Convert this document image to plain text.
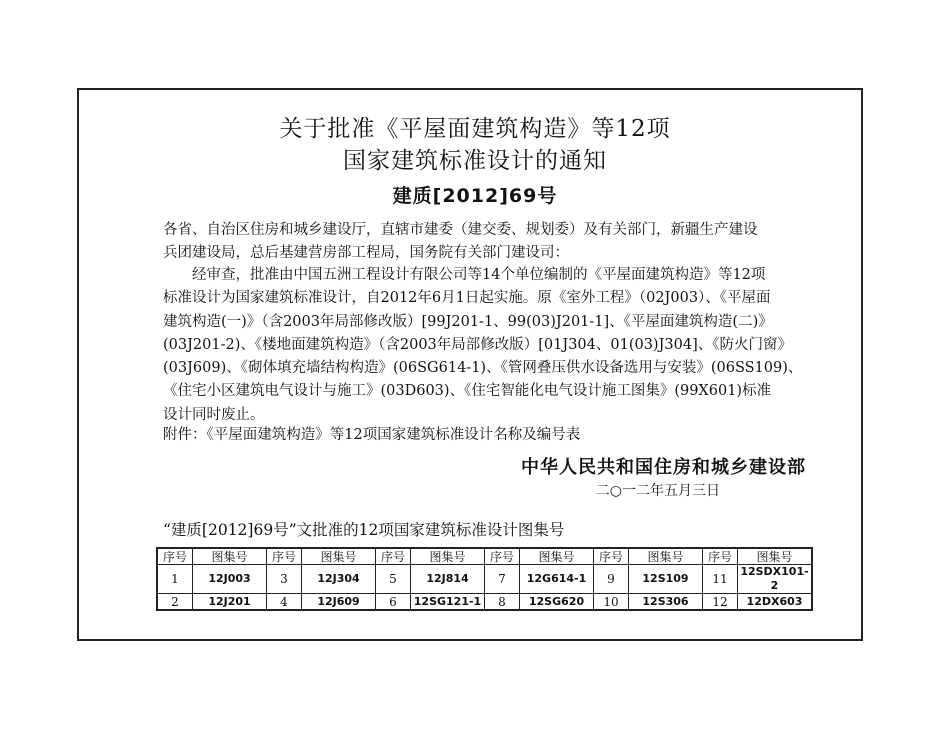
关于批准《平屋面建筑构造》等12项
国家建筑标准设计的通知
建质[2012]69号
各省、自治区住房和城乡建设厅，直辖市建委（建交委、规划委）及有关部门，新疆生产建设
兵团建设局，总后基建营房部工程局，国务院有关部门建设司：
　　经审查，批准由中国五洲工程设计有限公司等14个单位编制的《平屋面建筑构造》等12项
标准设计为国家建筑标准设计，自2012年6月1日起实施。原《室外工程》（02J003）、《平屋面
建筑构造(一)》（含2003年局部修改版）[99J201-1、99(03)J201-1]、《平屋面建筑构造(二)》
(03J201-2)、《楼地面建筑构造》（含2003年局部修改版）[01J304、01(03)J304]、《防火门窗》
(03J609)、《砌体填充墙结构构造》(06SG614-1)、《管网叠压供水设备选用与安装》(06SS109)、
《住宅小区建筑电气设计与施工》(03D603)、《住宅智能化电气设计施工图集》(99X601)标准
设计同时废止。
附件：《平屋面建筑构造》等12项国家建筑标准设计名称及编号表
中华人民共和国住房和城乡建设部
二○一二年五月三日
“建质[2012]69号”文批准的12项国家建筑标准设计图集号
序号	图集号	序号	图集号	序号	图集号	序号	图集号	序号	图集号	序号	图集号
1	12J003	3	12J304	5	12J814	7	12G614-1	9	12S109	11	12SDX101-2
2	12J201	4	12J609	6	12SG121-1	8	12SG620	10	12S306	12	12DX603
